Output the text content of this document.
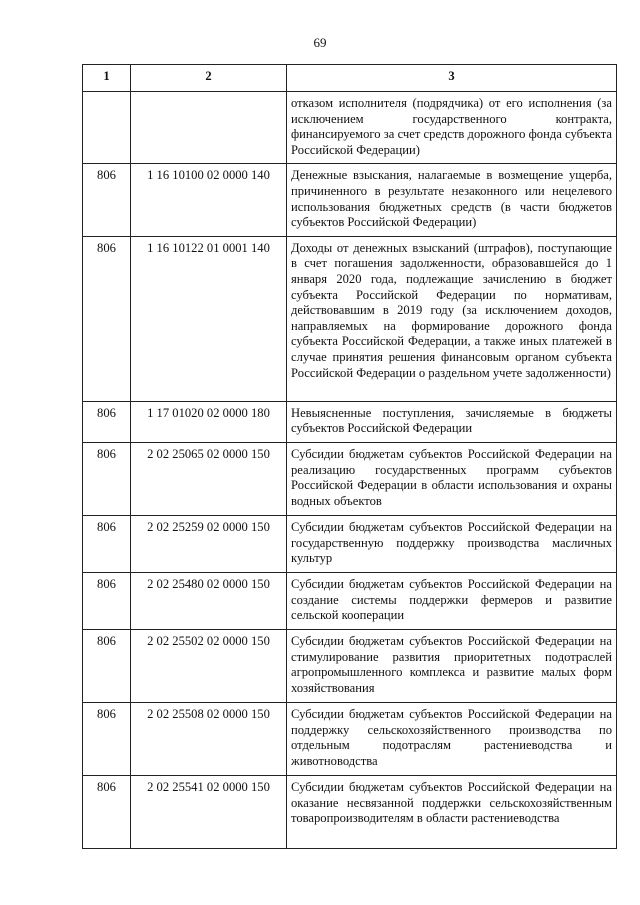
69
1	2	3
		отказом исполнителя (подрядчика) от его исполнения (за исключением государственного контракта, финансируемого за счет средств дорожного фонда субъекта Российской Федерации)
806	1 16 10100 02 0000 140	Денежные взыскания, налагаемые в возмещение ущерба, причиненного в результате незаконного или нецелевого использования бюджетных средств (в части бюджетов субъектов Российской Федерации)
806	1 16 10122 01 0001 140	Доходы от денежных взысканий (штрафов), поступающие в счет погашения задолженности, образовавшейся до 1 января 2020 года, подлежащие зачислению в бюджет субъекта Российской Федерации по нормативам, действовавшим в 2019 году (за исключением доходов, направляемых на формирование дорожного фонда субъекта Российской Федерации, а также иных платежей в случае принятия решения финансовым органом субъекта Российской Федерации о раздельном учете задолженности)
806	1 17 01020 02 0000 180	Невыясненные поступления, зачисляемые в бюджеты субъектов Российской Федерации
806	2 02 25065 02 0000 150	Субсидии бюджетам субъектов Российской Федерации на реализацию государственных программ субъектов Российской Федерации в области использования и охраны водных объектов
806	2 02 25259 02 0000 150	Субсидии бюджетам субъектов Российской Федерации на государственную поддержку производства масличных культур
806	2 02 25480 02 0000 150	Субсидии бюджетам субъектов Российской Федерации на создание системы поддержки фермеров и развитие сельской кооперации
806	2 02 25502 02 0000 150	Субсидии бюджетам субъектов Российской Федерации на стимулирование развития приоритетных подотраслей агропромышленного комплекса и развитие малых форм хозяйствования
806	2 02 25508 02 0000 150	Субсидии бюджетам субъектов Российской Федерации на поддержку сельскохозяйственного производства по отдельным подотраслям растениеводства и животноводства
806	2 02 25541 02 0000 150	Субсидии бюджетам субъектов Российской Федерации на оказание несвязанной поддержки сельскохозяйственным товаропроизводителям в области растениеводства
